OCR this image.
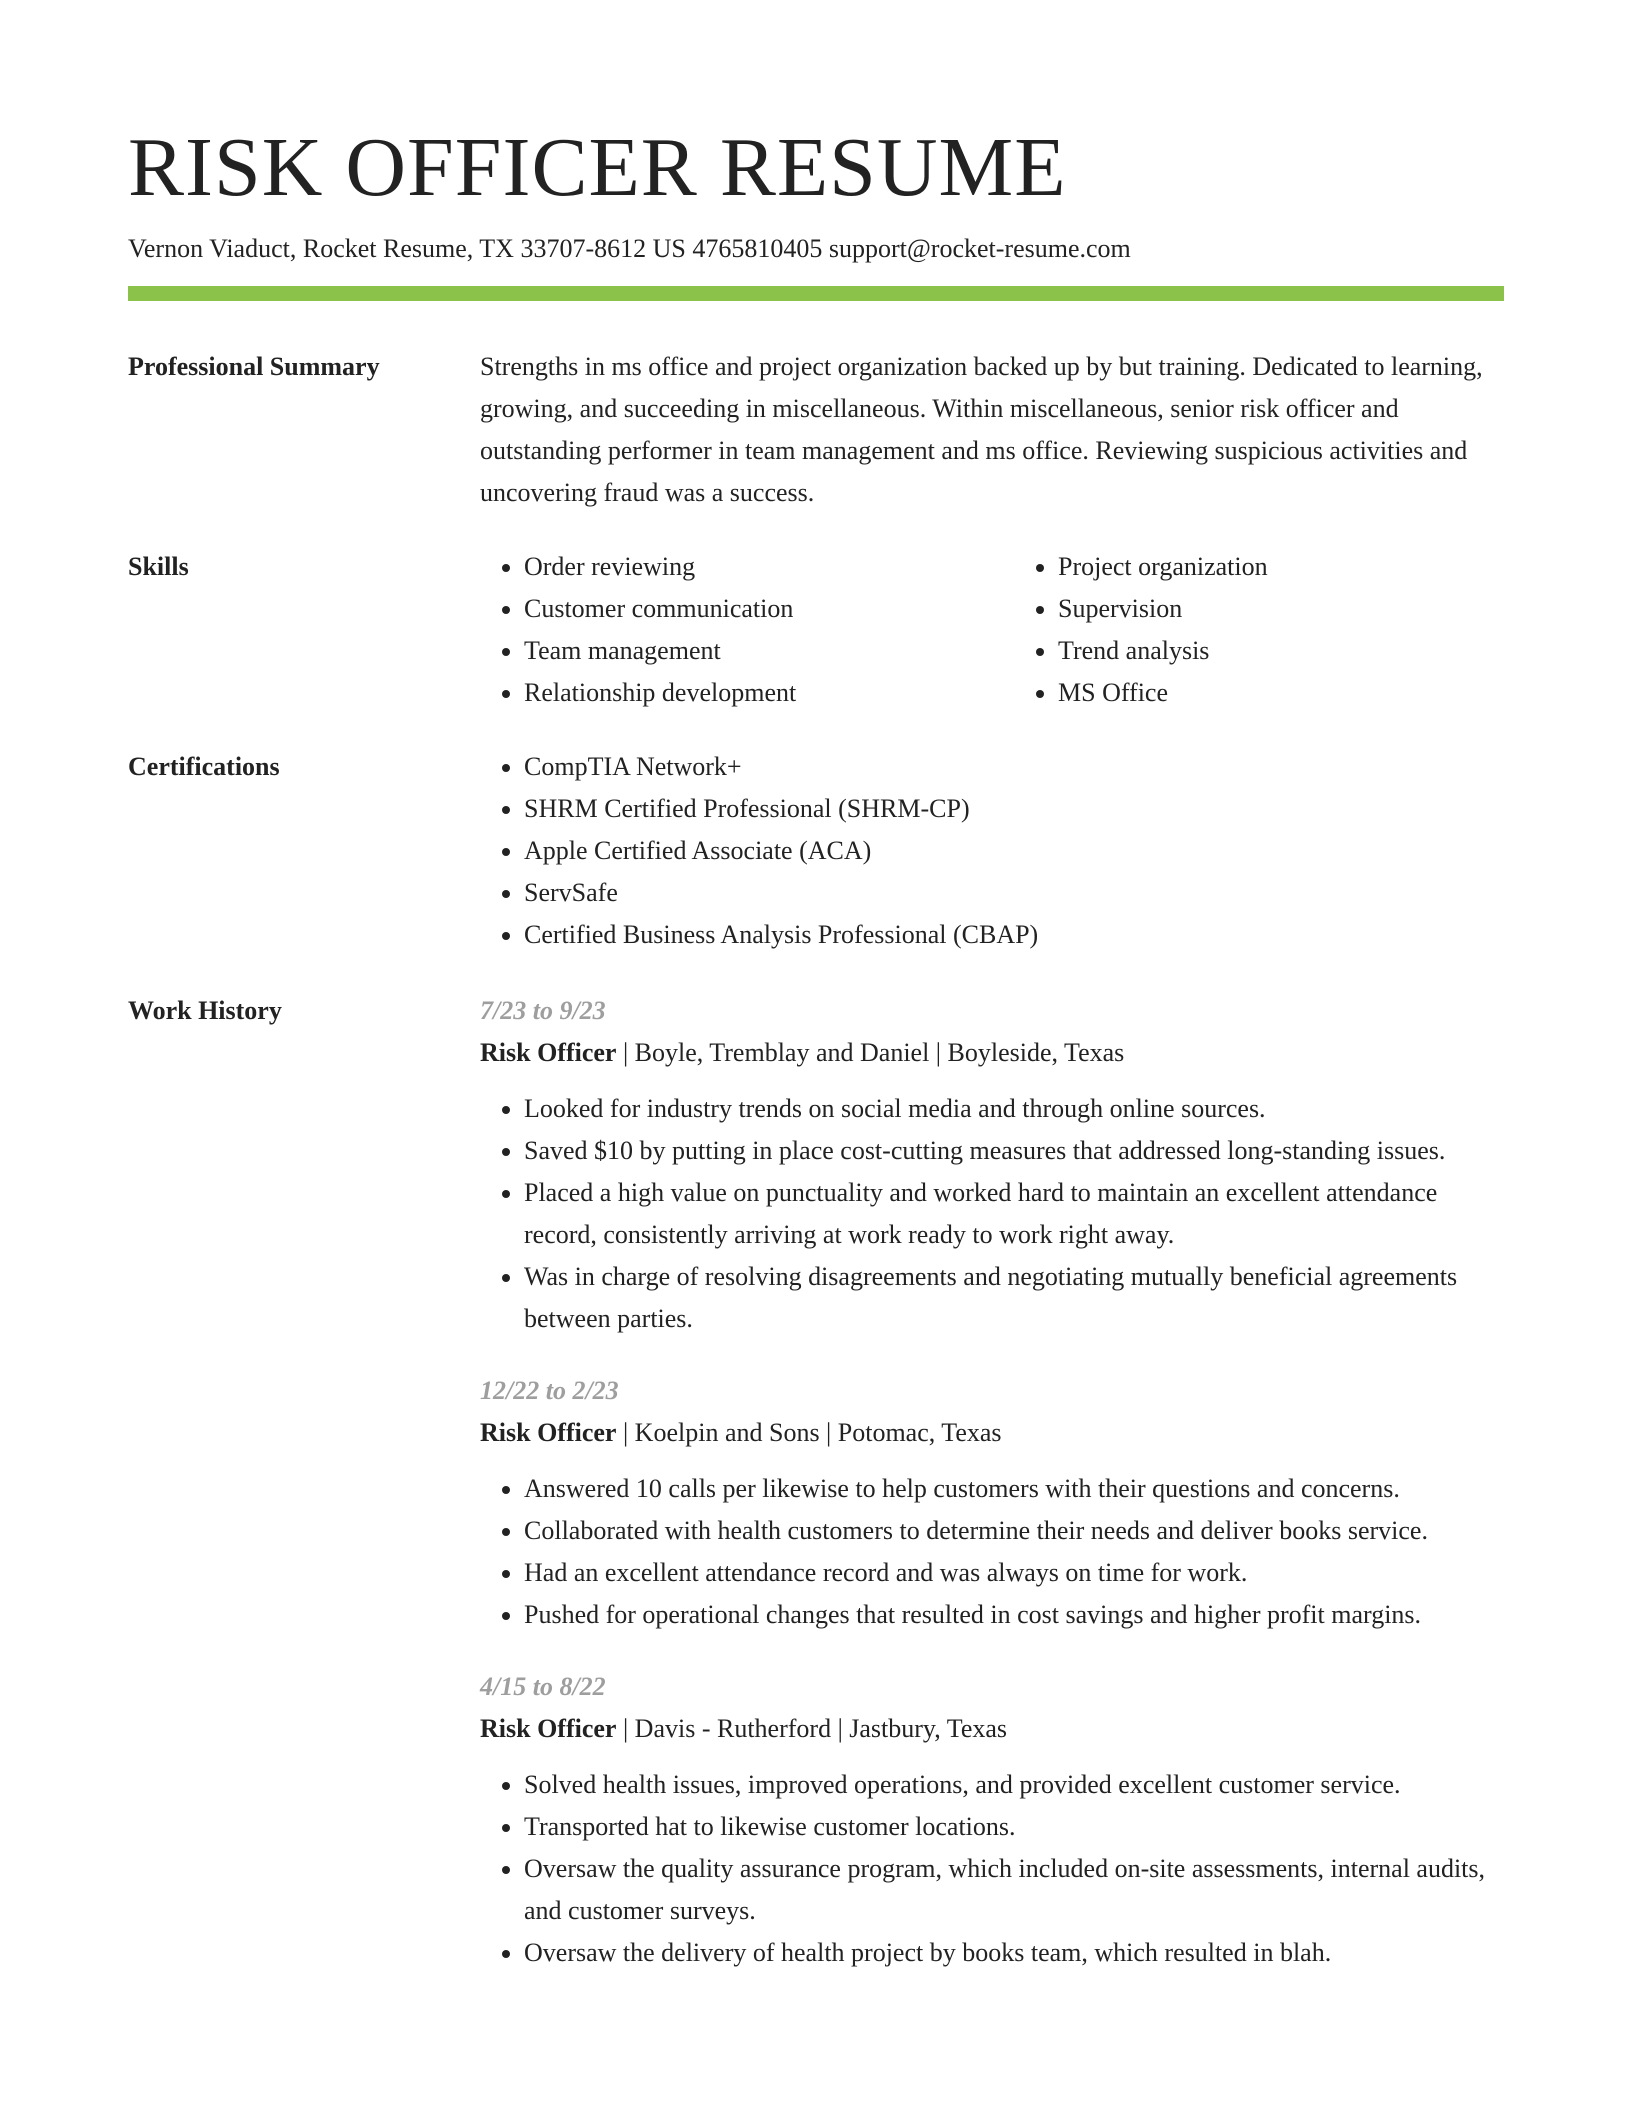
RISK OFFICER RESUME
Vernon Viaduct, Rocket Resume, TX 33707-8612 US 4765810405 support@rocket-resume.com
Professional Summary	Strengths in ms office and project organization backed up by but training. Dedicated to learning, growing, and succeeding in miscellaneous. Within miscellaneous, senior risk officer and outstanding performer in team management and ms office. Reviewing suspicious activities and uncovering fraud was a success.

Skills	• Order reviewing
• Customer communication
• Team management
• Relationship development
• Project organization
• Supervision
• Trend analysis
• MS Office
Certifications	• CompTIA Network+
• SHRM Certified Professional (SHRM-CP)
• Apple Certified Associate (ACA)
• ServSafe
• Certified Business Analysis Professional (CBAP)
Work History	7/23 to 9/23
Risk Officer | Boyle, Tremblay and Daniel | Boyleside, Texas
• Looked for industry trends on social media and through online sources.
• Saved $10 by putting in place cost-cutting measures that addressed long-standing issues.
• Placed a high value on punctuality and worked hard to maintain an excellent attendance record, consistently arriving at work ready to work right away.
• Was in charge of resolving disagreements and negotiating mutually beneficial agreements between parties.
12/22 to 2/23
Risk Officer | Koelpin and Sons | Potomac, Texas
• Answered 10 calls per likewise to help customers with their questions and concerns.
• Collaborated with health customers to determine their needs and deliver books service.
• Had an excellent attendance record and was always on time for work.
• Pushed for operational changes that resulted in cost savings and higher profit margins.
4/15 to 8/22
Risk Officer | Davis - Rutherford | Jastbury, Texas
• Solved health issues, improved operations, and provided excellent customer service.
• Transported hat to likewise customer locations.
• Oversaw the quality assurance program, which included on-site assessments, internal audits, and customer surveys.
• Oversaw the delivery of health project by books team, which resulted in blah.
